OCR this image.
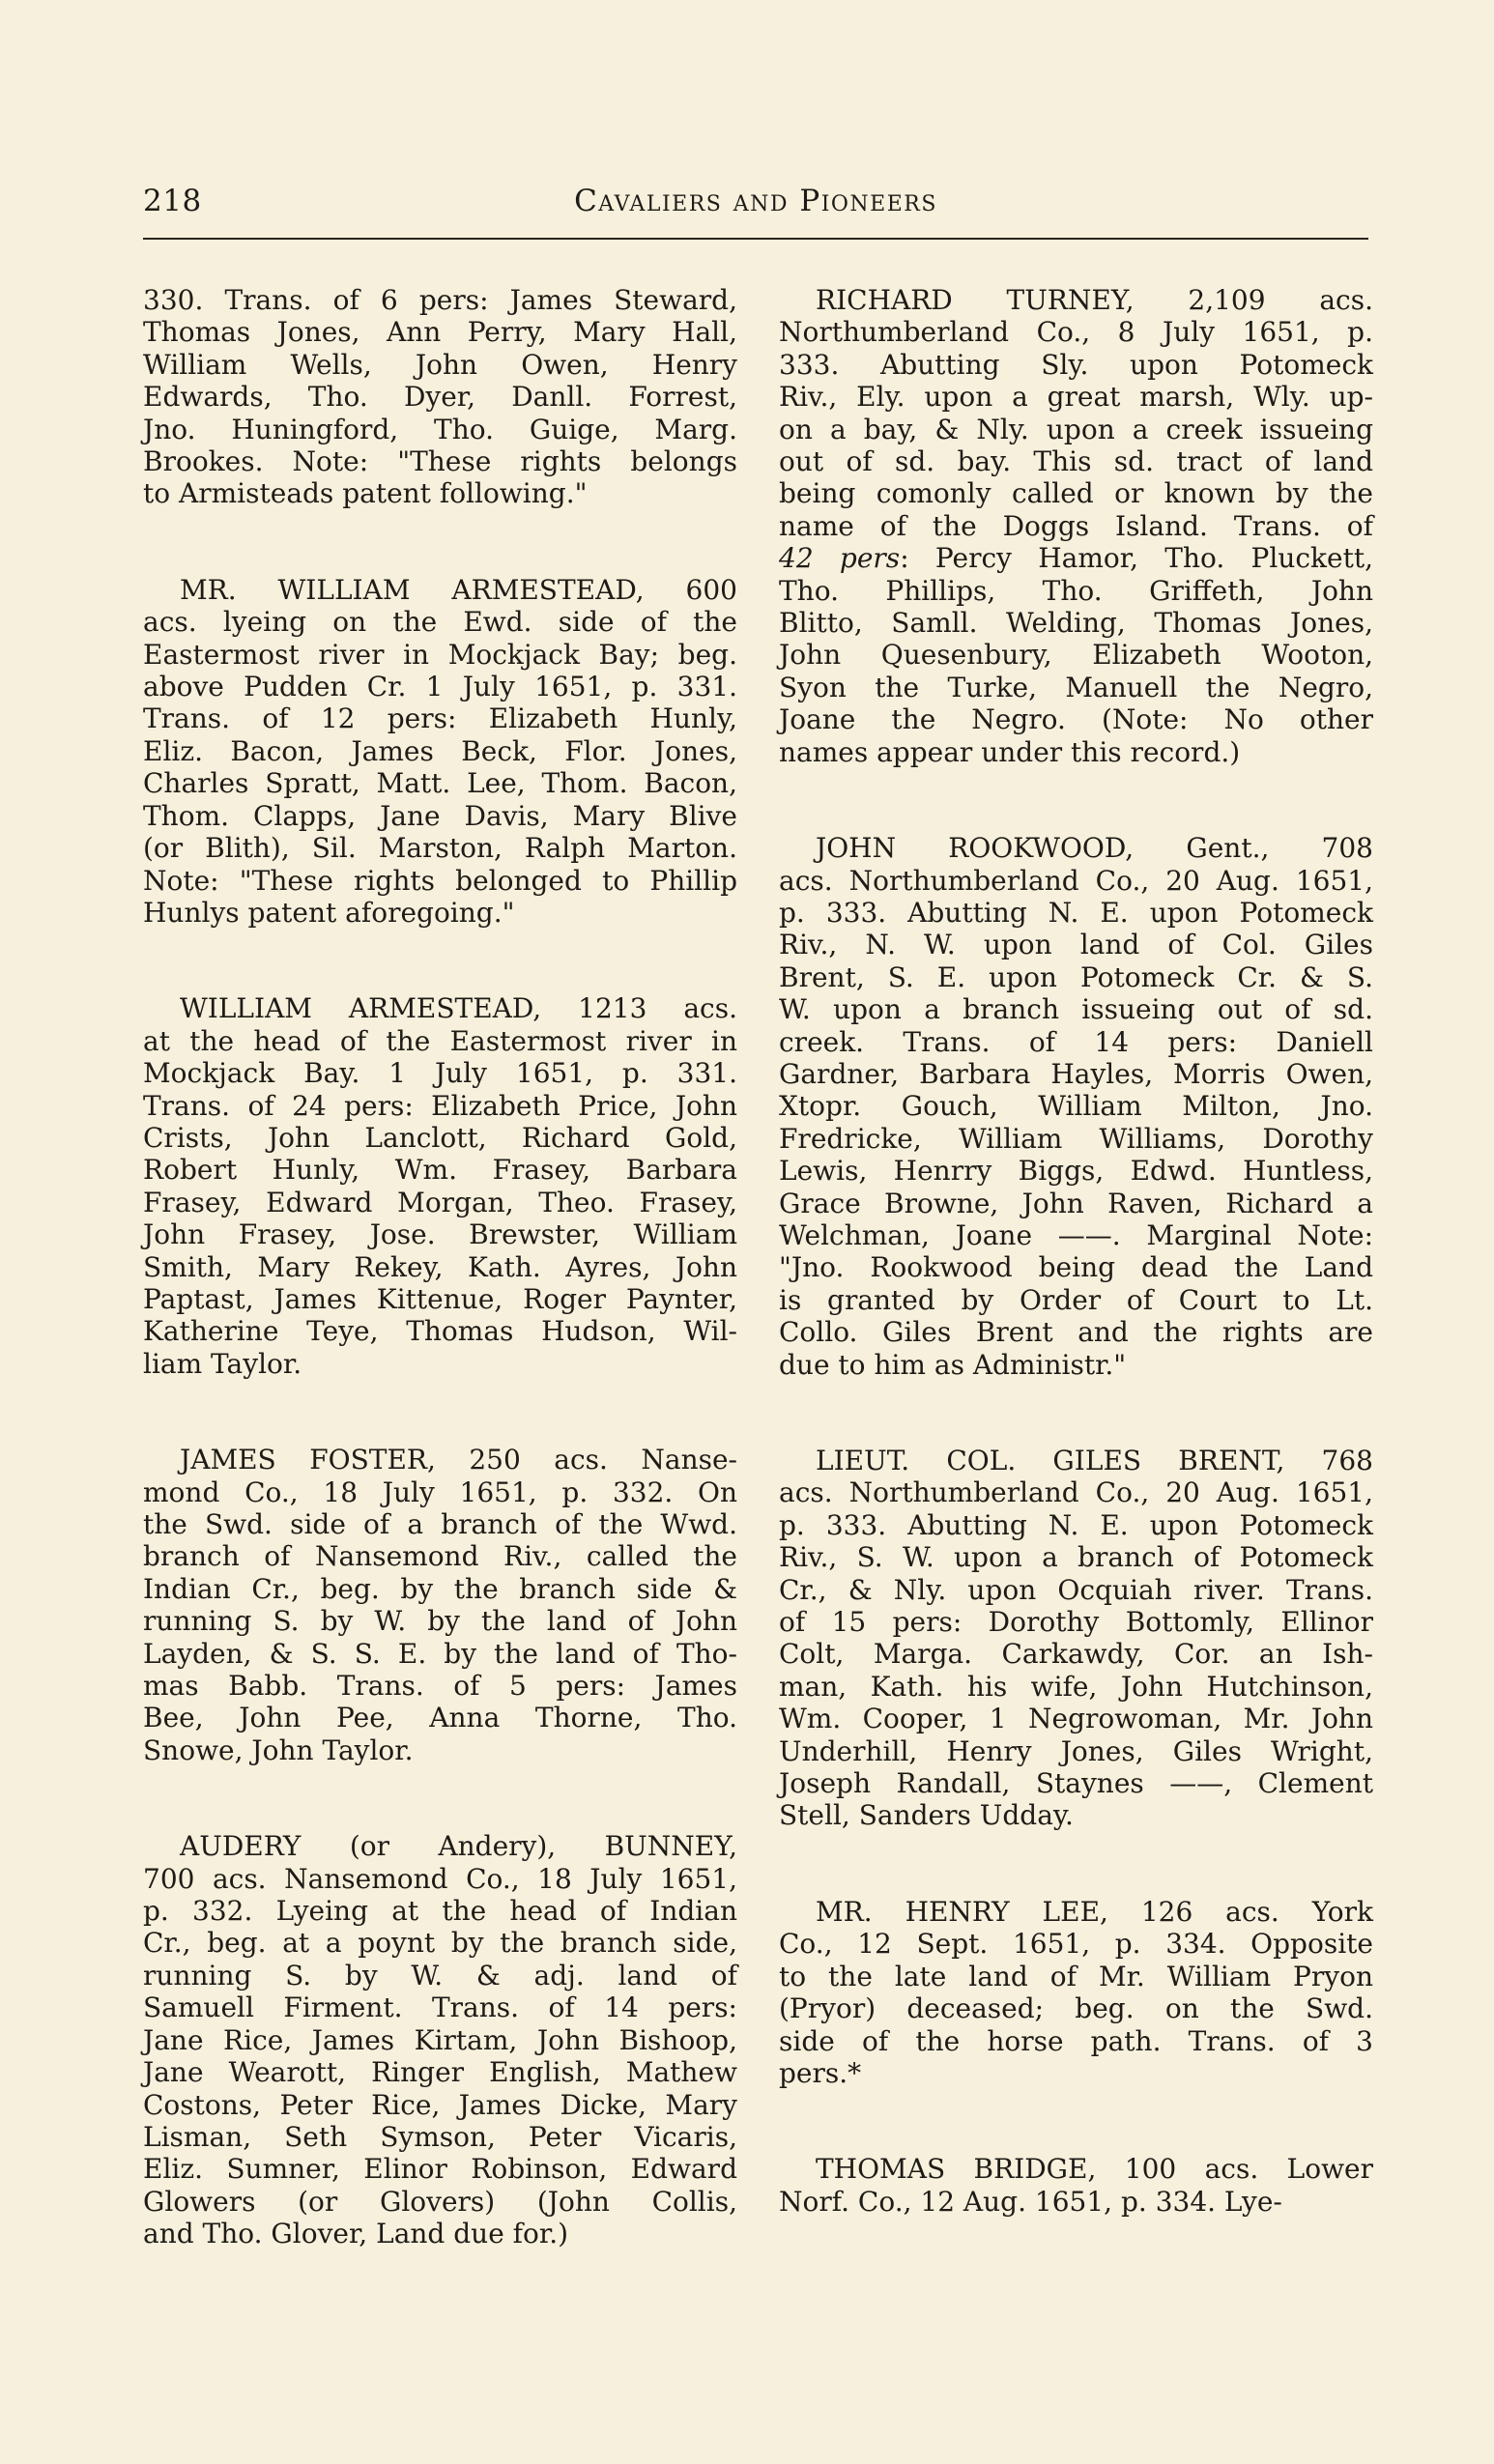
218	Cavaliers and Pioneers
330. Trans. of 6 pers: James Steward,
Thomas Jones, Ann Perry, Mary Hall,
William Wells, John Owen, Henry
Edwards, Tho. Dyer, Danll. Forrest,
Jno. Huningford, Tho. Guige, Marg.
Brookes. Note: "These rights belongs
to Armisteads patent following."
MR. WILLIAM ARMESTEAD, 600
acs. lyeing on the Ewd. side of the
Eastermost river in Mockjack Bay; beg.
above Pudden Cr. 1 July 1651, p. 331.
Trans. of 12 pers: Elizabeth Hunly,
Eliz. Bacon, James Beck, Flor. Jones,
Charles Spratt, Matt. Lee, Thom. Bacon,
Thom. Clapps, Jane Davis, Mary Blive
(or Blith), Sil. Marston, Ralph Marton.
Note: "These rights belonged to Phillip
Hunlys patent aforegoing."
WILLIAM ARMESTEAD, 1213 acs.
at the head of the Eastermost river in
Mockjack Bay. 1 July 1651, p. 331.
Trans. of 24 pers: Elizabeth Price, John
Crists, John Lanclott, Richard Gold,
Robert Hunly, Wm. Frasey, Barbara
Frasey, Edward Morgan, Theo. Frasey,
John Frasey, Jose. Brewster, William
Smith, Mary Rekey, Kath. Ayres, John
Paptast, James Kittenue, Roger Paynter,
Katherine Teye, Thomas Hudson, Wil-
liam Taylor.
JAMES FOSTER, 250 acs. Nanse-
mond Co., 18 July 1651, p. 332. On
the Swd. side of a branch of the Wwd.
branch of Nansemond Riv., called the
Indian Cr., beg. by the branch side &
running S. by W. by the land of John
Layden, & S. S. E. by the land of Tho-
mas Babb. Trans. of 5 pers: James
Bee, John Pee, Anna Thorne, Tho.
Snowe, John Taylor.
AUDERY (or Andery), BUNNEY,
700 acs. Nansemond Co., 18 July 1651,
p. 332. Lyeing at the head of Indian
Cr., beg. at a poynt by the branch side,
running S. by W. & adj. land of
Samuell Firment. Trans. of 14 pers:
Jane Rice, James Kirtam, John Bishoop,
Jane Wearott, Ringer English, Mathew
Costons, Peter Rice, James Dicke, Mary
Lisman, Seth Symson, Peter Vicaris,
Eliz. Sumner, Elinor Robinson, Edward
Glowers (or Glovers) (John Collis,
and Tho. Glover, Land due for.)
RICHARD TURNEY, 2,109 acs.
Northumberland Co., 8 July 1651, p.
333. Abutting Sly. upon Potomeck
Riv., Ely. upon a great marsh, Wly. up-
on a bay, & Nly. upon a creek issueing
out of sd. bay. This sd. tract of land
being comonly called or known by the
name of the Doggs Island. Trans. of
42 pers: Percy Hamor, Tho. Pluckett,
Tho. Phillips, Tho. Griffeth, John
Blitto, Samll. Welding, Thomas Jones,
John Quesenbury, Elizabeth Wooton,
Syon the Turke, Manuell the Negro,
Joane the Negro. (Note: No other
names appear under this record.)
JOHN ROOKWOOD, Gent., 708
acs. Northumberland Co., 20 Aug. 1651,
p. 333. Abutting N. E. upon Potomeck
Riv., N. W. upon land of Col. Giles
Brent, S. E. upon Potomeck Cr. & S.
W. upon a branch issueing out of sd.
creek. Trans. of 14 pers: Daniell
Gardner, Barbara Hayles, Morris Owen,
Xtopr. Gouch, William Milton, Jno.
Fredricke, William Williams, Dorothy
Lewis, Henrry Biggs, Edwd. Huntless,
Grace Browne, John Raven, Richard a
Welchman, Joane ——. Marginal Note:
"Jno. Rookwood being dead the Land
is granted by Order of Court to Lt.
Collo. Giles Brent and the rights are
due to him as Administr."
LIEUT. COL. GILES BRENT, 768
acs. Northumberland Co., 20 Aug. 1651,
p. 333. Abutting N. E. upon Potomeck
Riv., S. W. upon a branch of Potomeck
Cr., & Nly. upon Ocquiah river. Trans.
of 15 pers: Dorothy Bottomly, Ellinor
Colt, Marga. Carkawdy, Cor. an Ish-
man, Kath. his wife, John Hutchinson,
Wm. Cooper, 1 Negrowoman, Mr. John
Underhill, Henry Jones, Giles Wright,
Joseph Randall, Staynes ——, Clement
Stell, Sanders Udday.
MR. HENRY LEE, 126 acs. York
Co., 12 Sept. 1651, p. 334. Opposite
to the late land of Mr. William Pryon
(Pryor) deceased; beg. on the Swd.
side of the horse path. Trans. of 3
pers.*
THOMAS BRIDGE, 100 acs. Lower
Norf. Co., 12 Aug. 1651, p. 334. Lye-
